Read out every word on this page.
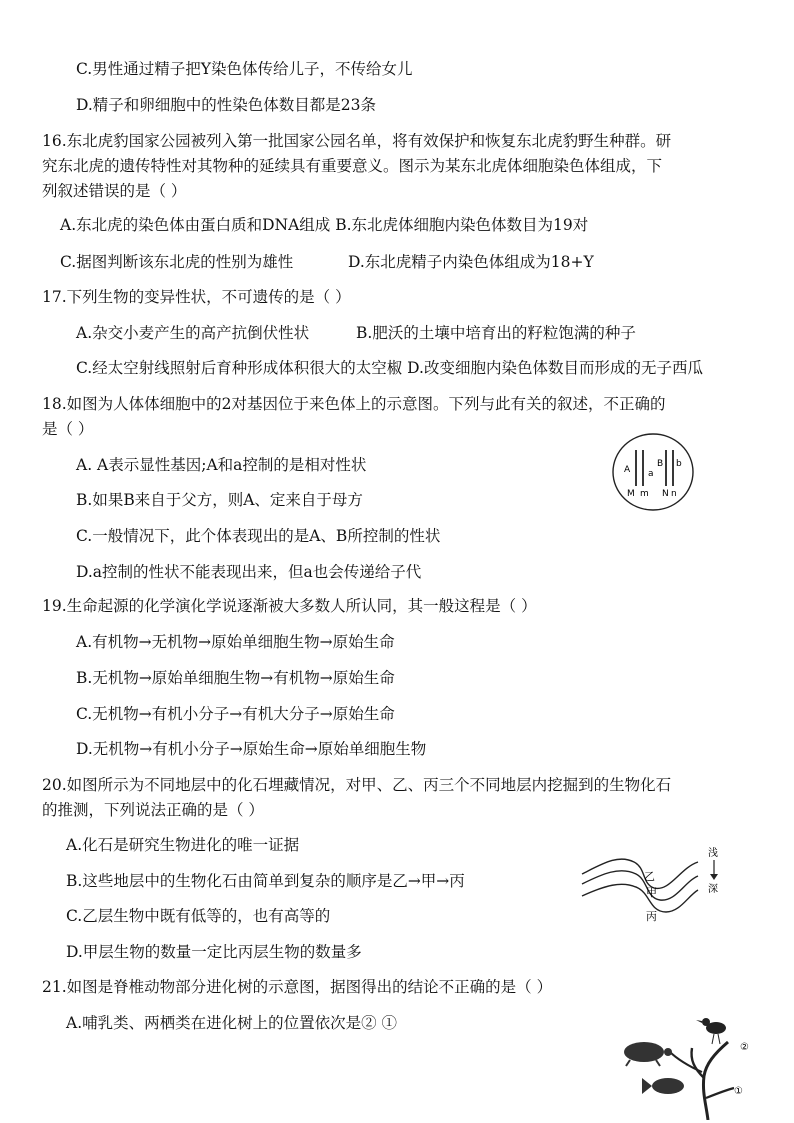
C.男性通过精子把Y染色体传给儿子，不传给女儿
D.精子和卵细胞中的性染色体数目都是23条
16.东北虎豹国家公园被列入第一批国家公园名单，将有效保护和恢复东北虎豹野生种群。研
究东北虎的遗传特性对其物种的延续具有重要意义。图示为某东北虎体细胞染色体组成，下
列叙述错误的是（ ）
A.东北虎的染色体由蛋白质和DNA组成 B.东北虎体细胞内染色体数目为19对
C.据图判断该东北虎的性别为雄性	D.东北虎精子内染色体组成为18+Y
17.下列生物的变异性状，不可遗传的是（ ）
A.杂交小麦产生的高产抗倒伏性状	B.肥沃的土壤中培育出的籽粒饱满的种子
C.经太空射线照射后育种形成体积很大的太空椒 D.改变细胞内染色体数目而形成的无子西瓜
18.如图为人体体细胞中的2对基因位于来色体上的示意图。下列与此有关的叙述，不正确的
是（ ）
A. A表示显性基因;A和a控制的是相对性状
B.如果B来自于父方，则A、定来自于母方
C.一般情况下，此个体表现出的是A、B所控制的性状
D.a控制的性状不能表现出来，但a也会传递给子代
19.生命起源的化学演化学说逐渐被大多数人所认同，其一般这程是（ ）
A.有机物→无机物→原始单细胞生物→原始生命
B.无机物→原始单细胞生物→有机物→原始生命
C.无机物→有机小分子→有机大分子→原始生命
D.无机物→有机小分子→原始生命→原始单细胞生物
20.如图所示为不同地层中的化石埋藏情况，对甲、乙、丙三个不同地层内挖掘到的生物化石
的推测，下列说法正确的是（ ）
A.化石是研究生物进化的唯一证据
B.这些地层中的生物化石由简单到复杂的顺序是乙→甲→丙
C.乙层生物中既有低等的，也有高等的
D.甲层生物的数量一定比丙层生物的数量多
21.如图是脊椎动物部分进化树的示意图，据图得出的结论不正确的是（ ）
A.哺乳类、两栖类在进化树上的位置依次是② ①
A a
B b
M m N n
乙
甲
丙
浅
深
②
①
